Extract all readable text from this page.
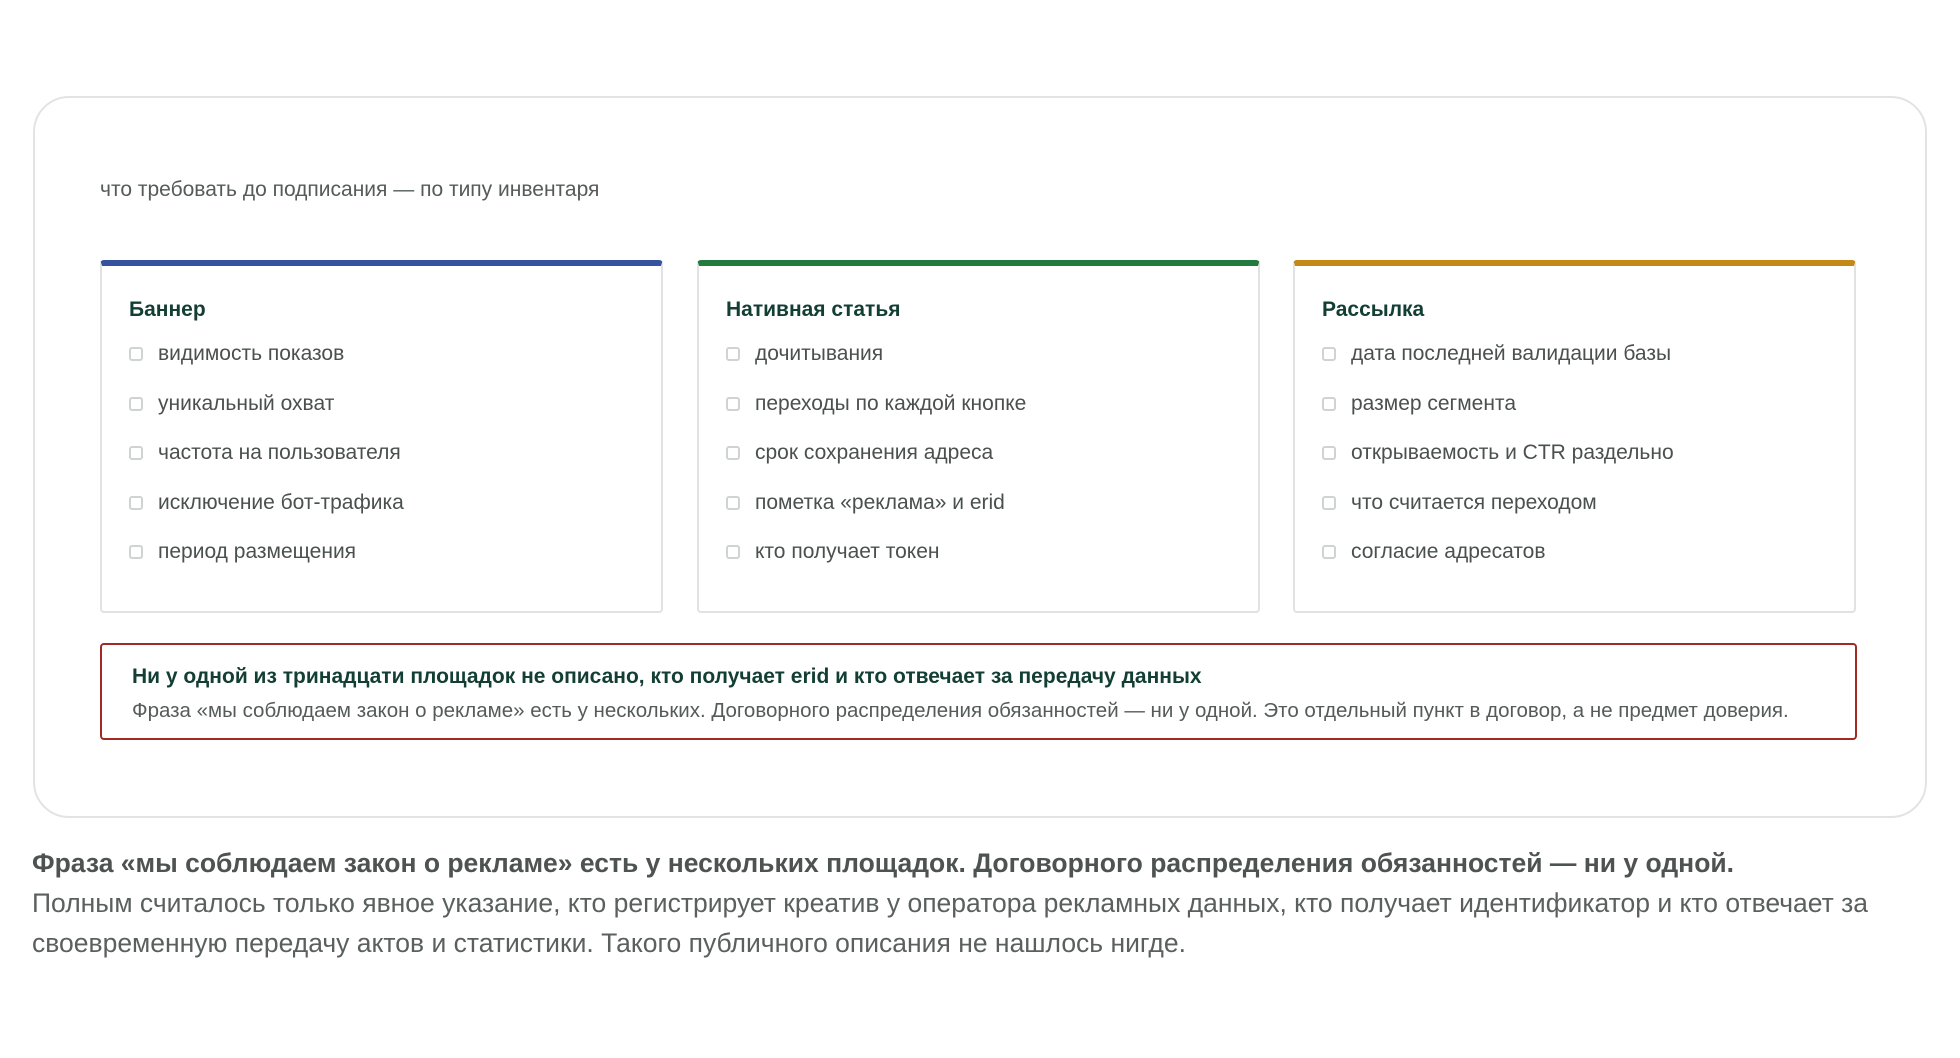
что требовать до подписания — по типу инвентаря
Баннер
видимость показов
уникальный охват
частота на пользователя
исключение бот-трафика
период размещения
Нативная статья
дочитывания
переходы по каждой кнопке
срок сохранения адреса
пометка «реклама» и erid
кто получает токен
Рассылка
дата последней валидации базы
размер сегмента
открываемость и CTR раздельно
что считается переходом
согласие адресатов
Ни у одной из тринадцати площадок не описано, кто получает erid и кто отвечает за передачу данных
Фраза «мы соблюдаем закон о рекламе» есть у нескольких. Договорного распределения обязанностей — ни у одной. Это отдельный пункт в договор, а не предмет доверия.
Фраза «мы соблюдаем закон о рекламе» есть у нескольких площадок. Договорного распределения обязанностей — ни у одной.
Полным считалось только явное указание, кто регистрирует креатив у оператора рекламных данных, кто получает идентификатор и кто отвечает за своевременную передачу актов и статистики. Такого публичного описания не нашлось нигде.
